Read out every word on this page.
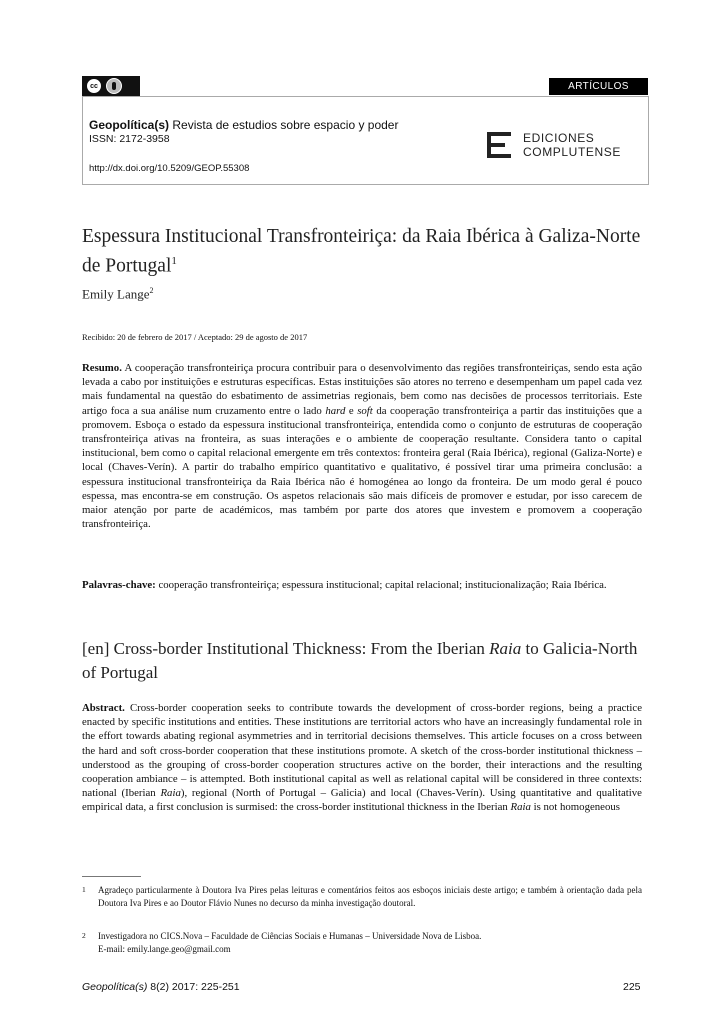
cc	ARTÍCULOS
Geopolítica(s) Revista de estudios sobre espacio y poder
ISSN: 2172-3958
http://dx.doi.org/10.5209/GEOP.55308
EDICIONES
COMPLUTENSE
Espessura Institucional Transfronteiriça: da Raia Ibérica à Galiza-Norte de Portugal$^1$
Emily Lange$^2$
Recibido: 20 de febrero de 2017 / Aceptado: 29 de agosto de 2017
Resumo. A cooperação transfronteiriça procura contribuir para o desenvolvimento das regiões transfronteiriças, sendo esta ação levada a cabo por instituições e estruturas específicas. Estas instituições são atores no terreno e desempenham um papel cada vez mais fundamental na questão do esbatimento de assimetrias regionais, bem como nas decisões de processos territoriais. Este artigo foca a sua análise num cruzamento entre o lado hard e soft da cooperação transfronteiriça a partir das instituições que a promovem. Esboça o estado da espessura institucional transfronteiriça, entendida como o conjunto de estruturas de cooperação transfronteiriça ativas na fronteira, as suas interações e o ambiente de cooperação resultante. Considera tanto o capital institucional, bem como o capital relacional emergente em três contextos: fronteira geral (Raia Ibérica), regional (Galiza-Norte) e local (Chaves-Verín). A partir do trabalho empírico quantitativo e qualitativo, é possível tirar uma primeira conclusão: a espessura institucional transfronteiriça da Raia Ibérica não é homogénea ao longo da fronteira. De um modo geral é pouco espessa, mas encontra-se em construção. Os aspetos relacionais são mais difíceis de promover e estudar, por isso carecem de maior atenção por parte de académicos, mas também por parte dos atores que investem e promovem a cooperação transfronteiriça.
Palavras-chave: cooperação transfronteiriça; espessura institucional; capital relacional; institucionalização; Raia Ibérica.
[en] Cross-border Institutional Thickness: From the Iberian Raia to Galicia-North of Portugal
Abstract. Cross-border cooperation seeks to contribute towards the development of cross-border regions, being a practice enacted by specific institutions and entities. These institutions are territorial actors who have an increasingly fundamental role in the effort towards abating regional asymmetries and in territorial decisions themselves. This article focuses on a cross between the hard and soft cross-border cooperation that these institutions promote. A sketch of the cross-border institutional thickness – understood as the grouping of cross-border cooperation structures active on the border, their interactions and the resulting cooperation ambiance – is attempted. Both institutional capital as well as relational capital will be considered in three contexts: national (Iberian Raia), regional (North of Portugal – Galicia) and local (Chaves-Verín). Using quantitative and qualitative empirical data, a first conclusion is surmised: the cross-border institutional thickness in the Iberian Raia is not homogeneous
1	Agradeço particularmente à Doutora Iva Pires pelas leituras e comentários feitos aos esboços iniciais deste artigo; e também à orientação dada pela Doutora Iva Pires e ao Doutor Flávio Nunes no decurso da minha investigação doutoral.
2	Investigadora no CICS.Nova – Faculdade de Ciências Sociais e Humanas – Universidade Nova de Lisboa.
E-mail: emily.lange.geo@gmail.com
Geopolítica(s) 8(2) 2017: 225-251	225
